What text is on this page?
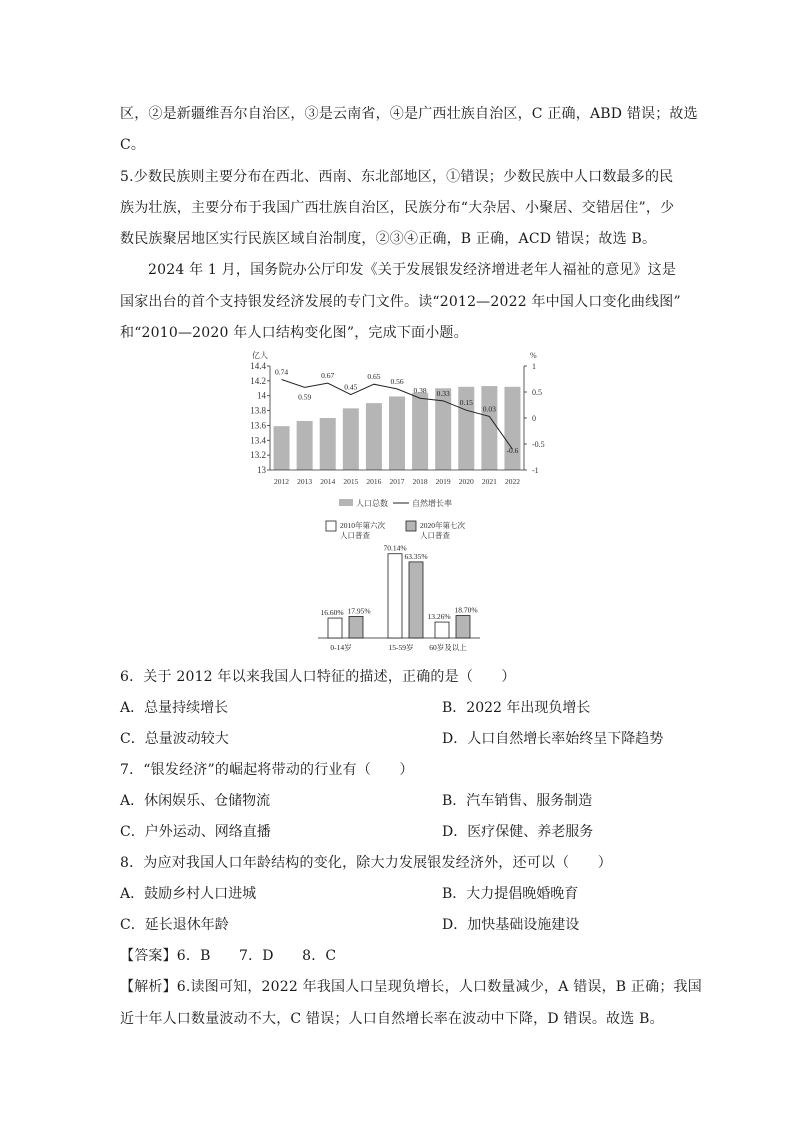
区，②是新疆维吾尔自治区，③是云南省，④是广西壮族自治区，C 正确，ABD 错误；故选
C。
5.少数民族则主要分布在西北、西南、东北部地区，①错误；少数民族中人口数最多的民
族为壮族，主要分布于我国广西壮族自治区，民族分布“大杂居、小聚居、交错居住”，少
数民族聚居地区实行民族区域自治制度，②③④正确，B 正确，ACD 错误；故选 B。
2024 年 1 月，国务院办公厅印发《关于发展银发经济增进老年人福祉的意见》这是
国家出台的首个支持银发经济发展的专门文件。读“2012—2022 年中国人口变化曲线图”
和“2010—2020 年人口结构变化图”，完成下面小题。
亿人
14.4
14.2
14
13.8
13.6
13.4
13.2
13
%
1
0.5
0
-0.5
-1
2012 2013 2014 2015 2016 2017 2018 2019 2020 2021 2022
0.74
0.59
0.67
0.45
0.65
0.56
0.38 0.33
0.15
0.03
-0.6
人口总数	自然增长率
2010年第六次
人口普查
2020年第七次
人口普查
16.60% 17.95%
70.14%
63.35%
13.26%
18.70%
0-14岁	15-59岁 60岁及以上
6．关于 2012 年以来我国人口特征的描述，正确的是（　　）
A．总量持续增长	B．2022 年出现负增长
C．总量波动较大	D．人口自然增长率始终呈下降趋势
7．“银发经济”的崛起将带动的行业有（　　）
A．休闲娱乐、仓储物流	B．汽车销售、服务制造
C．户外运动、网络直播	D．医疗保健、养老服务
8．为应对我国人口年龄结构的变化，除大力发展银发经济外，还可以（　　）
A．鼓励乡村人口进城	B．大力提倡晚婚晚育
C．延长退休年龄	D．加快基础设施建设
【答案】6．B　　7．D　　8．C
【解析】6.读图可知，2022 年我国人口呈现负增长，人口数量减少，A 错误，B 正确；我国
近十年人口数量波动不大，C 错误；人口自然增长率在波动中下降，D 错误。故选 B。
